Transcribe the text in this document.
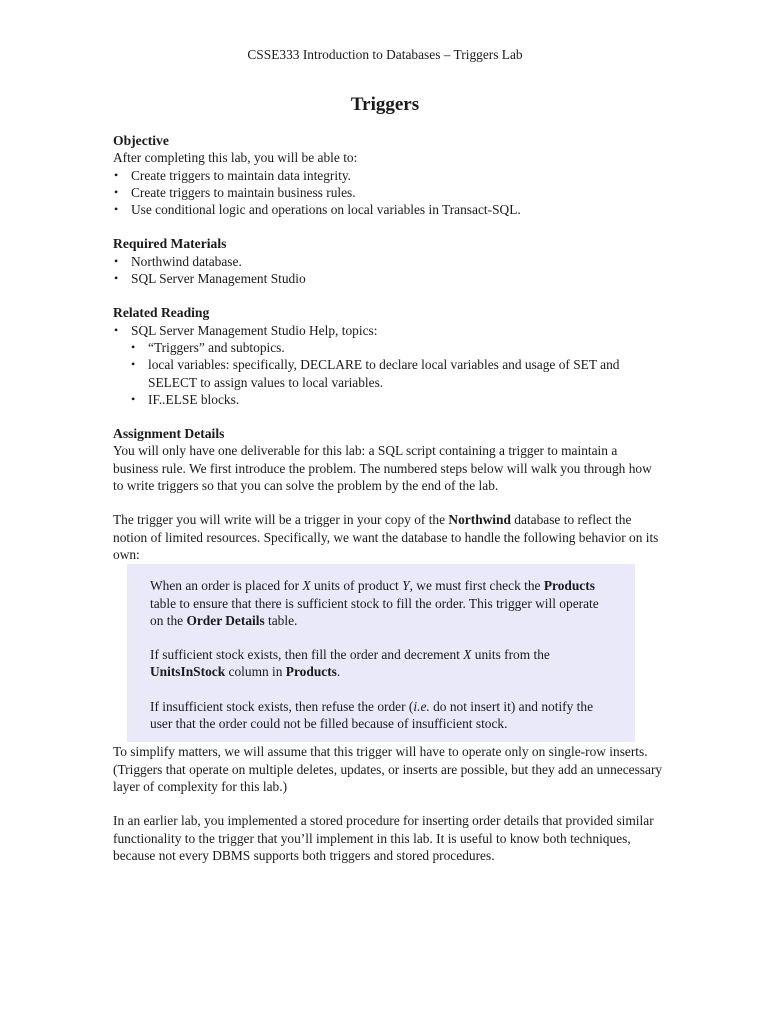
CSSE333 Introduction to Databases – Triggers Lab
Triggers
Objective

After completing this lab, you will be able to:

• Create triggers to maintain data integrity.
• Create triggers to maintain business rules.
• Use conditional logic and operations on local variables in Transact-SQL.
Required Materials
• Northwind database.
• SQL Server Management Studio
Related Reading
• SQL Server Management Studio Help, topics:
• “Triggers” and subtopics.
• local variables: specifically, DECLARE to declare local variables and usage of SET and SELECT to assign values to local variables.
• IF..ELSE blocks.
Assignment Details

You will only have one deliverable for this lab: a SQL script containing a trigger to maintain a business rule. We first introduce the problem. The numbered steps below will walk you through how to write triggers so that you can solve the problem by the end of the lab.

The trigger you will write will be a trigger in your copy of the Northwind database to reflect the notion of limited resources. Specifically, we want the database to handle the following behavior on its own:

When an order is placed for X units of product Y, we must first check the Products table to ensure that there is sufficient stock to fill the order. This trigger will operate on the Order Details table.

If sufficient stock exists, then fill the order and decrement X units from the UnitsInStock column in Products.

If insufficient stock exists, then refuse the order (i.e. do not insert it) and notify the user that the order could not be filled because of insufficient stock.

To simplify matters, we will assume that this trigger will have to operate only on single-row inserts. (Triggers that operate on multiple deletes, updates, or inserts are possible, but they add an unnecessary layer of complexity for this lab.)

In an earlier lab, you implemented a stored procedure for inserting order details that provided similar functionality to the trigger that you’ll implement in this lab. It is useful to know both techniques, because not every DBMS supports both triggers and stored procedures.
